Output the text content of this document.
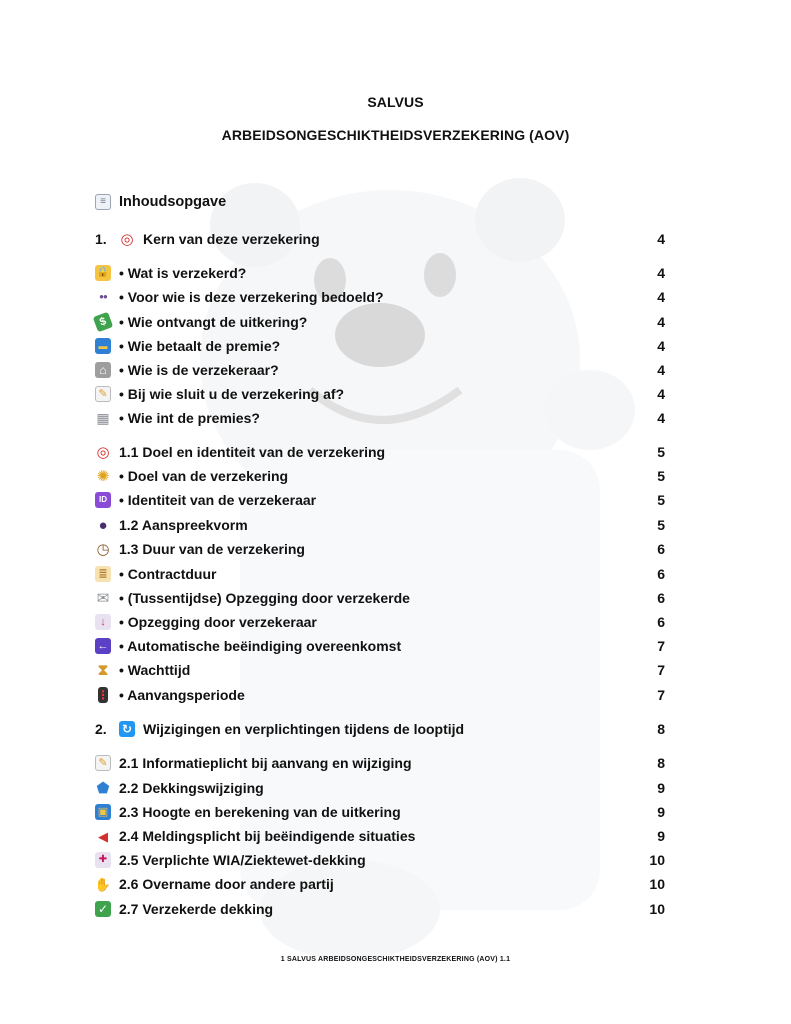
SALVUS
ARBEIDSONGESCHIKTHEIDSVERZEKERING (AOV)
≡ Inhoudsopgave
1. ◎ Kern van deze verzekering	4
🔒 • Wat is verzekerd?	4
●● • Voor wie is deze verzekering bedoeld?	4
$ • Wie ontvangt de uitkering?	4
▬ • Wie betaalt de premie?	4
⌂ • Wie is de verzekeraar?	4
✎ • Bij wie sluit u de verzekering af?	4
▦ • Wie int de premies?	4
◎ 1.1 Doel en identiteit van de verzekering	5
✺ • Doel van de verzekering	5
ID • Identiteit van de verzekeraar	5
● 1.2 Aanspreekvorm	5
◷ 1.3 Duur van de verzekering	6
≣ • Contractduur	6
✉ • (Tussentijdse) Opzegging door verzekerde	6
↓ • Opzegging door verzekeraar	6
← • Automatische beëindiging overeenkomst	7
⧗ • Wachttijd	7
⋮ • Aanvangsperiode	7
2.	↻ Wijzigingen en verplichtingen tijdens de looptijd	8
✎ 2.1 Informatieplicht bij aanvang en wijziging	8
⬟ 2.2 Dekkingswijziging	9
▣ 2.3 Hoogte en berekening van de uitkering	9
◀ 2.4 Meldingsplicht bij beëindigende situaties	9
✚ 2.5 Verplichte WIA/Ziektewet-dekking	10
✋ 2.6 Overname door andere partij	10
✓ 2.7 Verzekerde dekking	10
1 SALVUS ARBEIDSONGESCHIKTHEIDSVERZEKERING (AOV) 1.1
